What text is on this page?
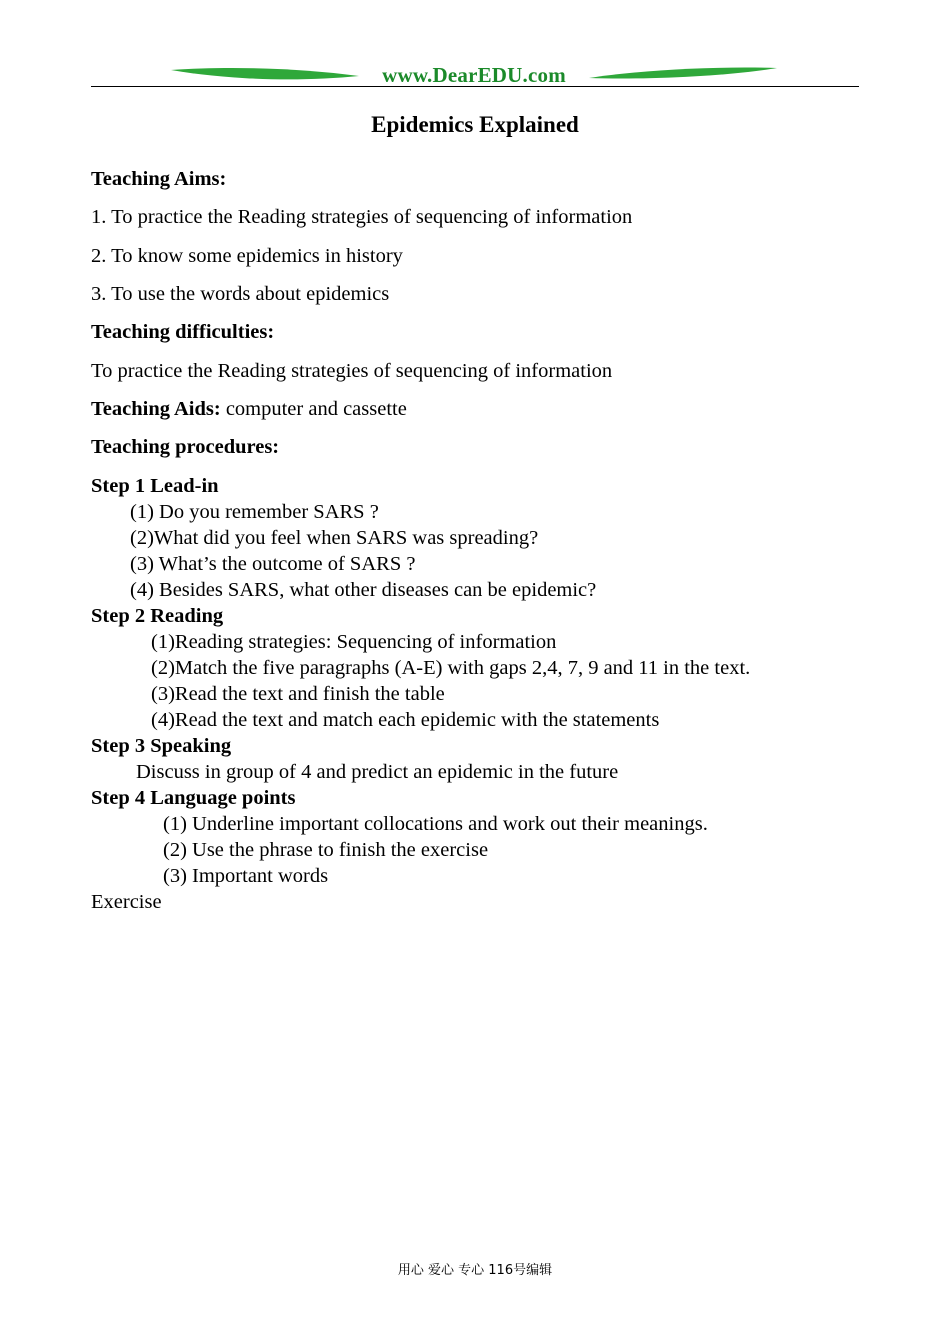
www.DearEDU.com
Epidemics Explained
Teaching Aims:
1. To practice the Reading strategies of sequencing of information
2. To know some epidemics in history
3. To use the words about epidemics
Teaching difficulties:
To practice the Reading strategies of sequencing of information
Teaching Aids: computer and cassette
Teaching procedures:
Step 1 Lead-in
(1) Do you remember SARS ?
(2)What did you feel when SARS was spreading?
(3) What’s the outcome of SARS ?
(4) Besides SARS, what other diseases can be epidemic?
Step 2 Reading
(1)Reading strategies: Sequencing of information
(2)Match the five paragraphs (A-E) with gaps 2,4, 7, 9 and 11 in the text.
(3)Read the text and finish the table
(4)Read the text and match each epidemic with the statements
Step 3 Speaking
Discuss in group of 4 and predict an epidemic in the future
Step 4 Language points
(1) Underline important collocations and work out their meanings.
(2) Use the phrase to finish the exercise
(3) Important words
Exercise
用心 爱心 专心 116号编辑
